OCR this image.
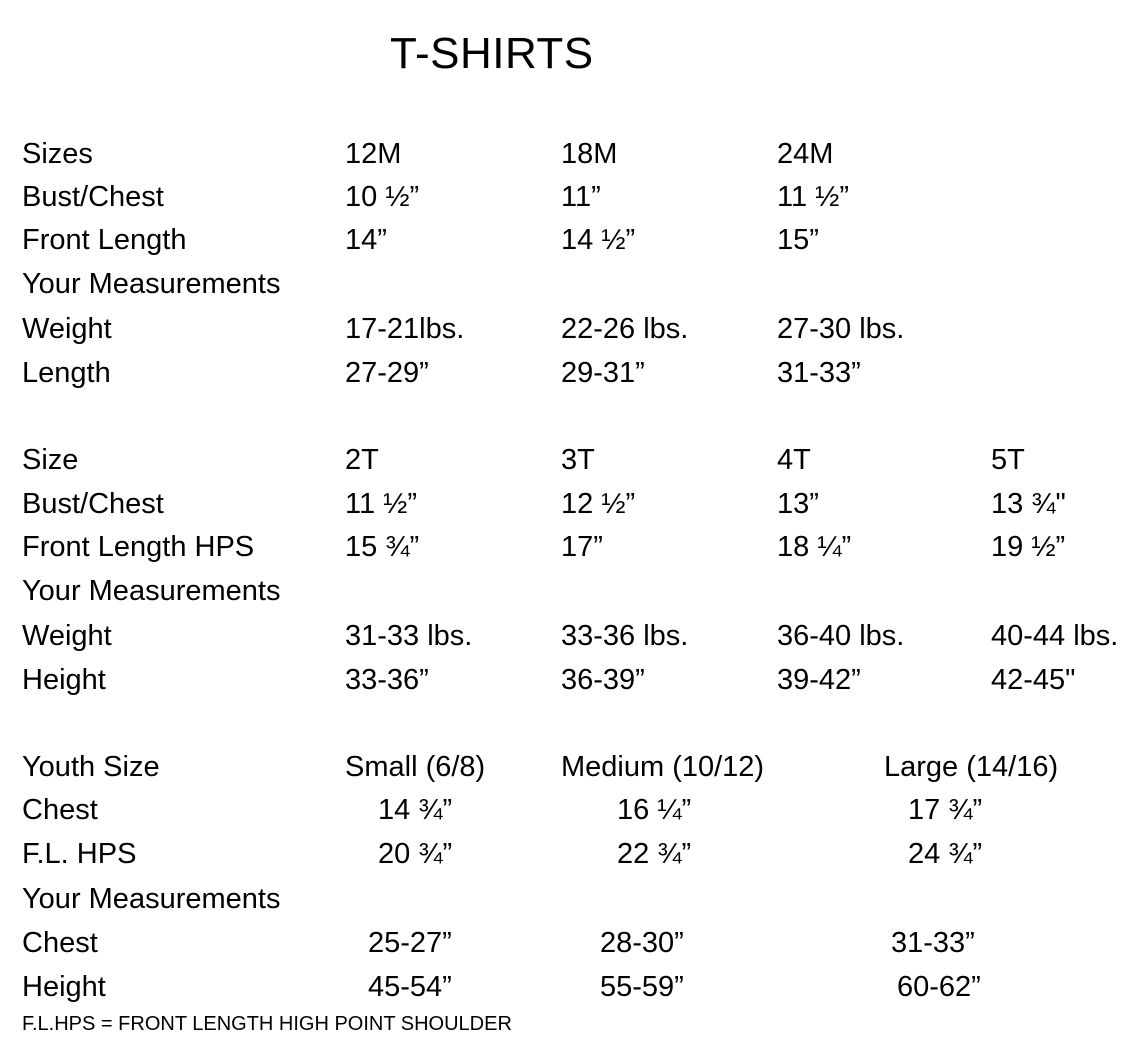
T-SHIRTS
Sizes	12M	18M	24M
Bust/Chest	10 ½”	11”	11 ½”
Front Length	14”	14 ½”	15”
Your Measurements
Weight	17-21lbs.	22-26 lbs.	27-30 lbs.
Length	27-29”	29-31”	31-33”
Size	2T	3T	4T	5T
Bust/Chest	11 ½”	12 ½”	13”	13 ¾"
Front Length HPS	15 ¾”	17”	18 ¼”	19 ½”
Your Measurements
Weight	31-33 lbs.	33-36 lbs.	36-40 lbs.	40-44 lbs.
Height	33-36”	36-39”	39-42”	42-45"
Youth Size	Small (6/8)	Medium (10/12)	Large (14/16)
Chest	14 ¾”	16 ¼”	17 ¾”
F.L. HPS	20 ¾”	22 ¾”	24 ¾”
Your Measurements
Chest	25-27”	28-30”	31-33”
Height	45-54”	55-59”	60-62”
F.L.HPS = FRONT LENGTH HIGH POINT SHOULDER
